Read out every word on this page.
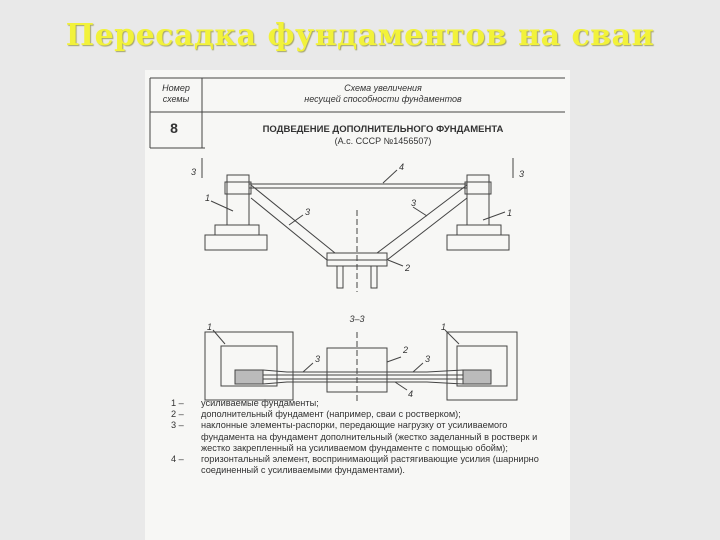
Пересадка фундаментов на сваи
Номер
схемы
Схема увеличения
несущей способности фундаментов
8	ПОДВЕДЕНИЕ ДОПОЛНИТЕЛЬНОГО ФУНДАМЕНТА
(А.с. СССР №1456507)
3	3
1
1
3
3
4
2
3–3
1	1
3	3
2
4
1 –	усиливаемые фундаменты;
2 –	дополнительный фундамент (например, сваи с ростверком);
3 –	наклонные элементы-распорки, передающие нагрузку от усиливаемого фундамента на фундамент дополнительный (жестко заделанный в ростверк и жестко закрепленный на усиливаемом фундаменте с помощью обойм);
4 –	горизонтальный элемент, воспринимающий растягивающие усилия (шарнирно соединенный с усиливаемыми фундаментами).
